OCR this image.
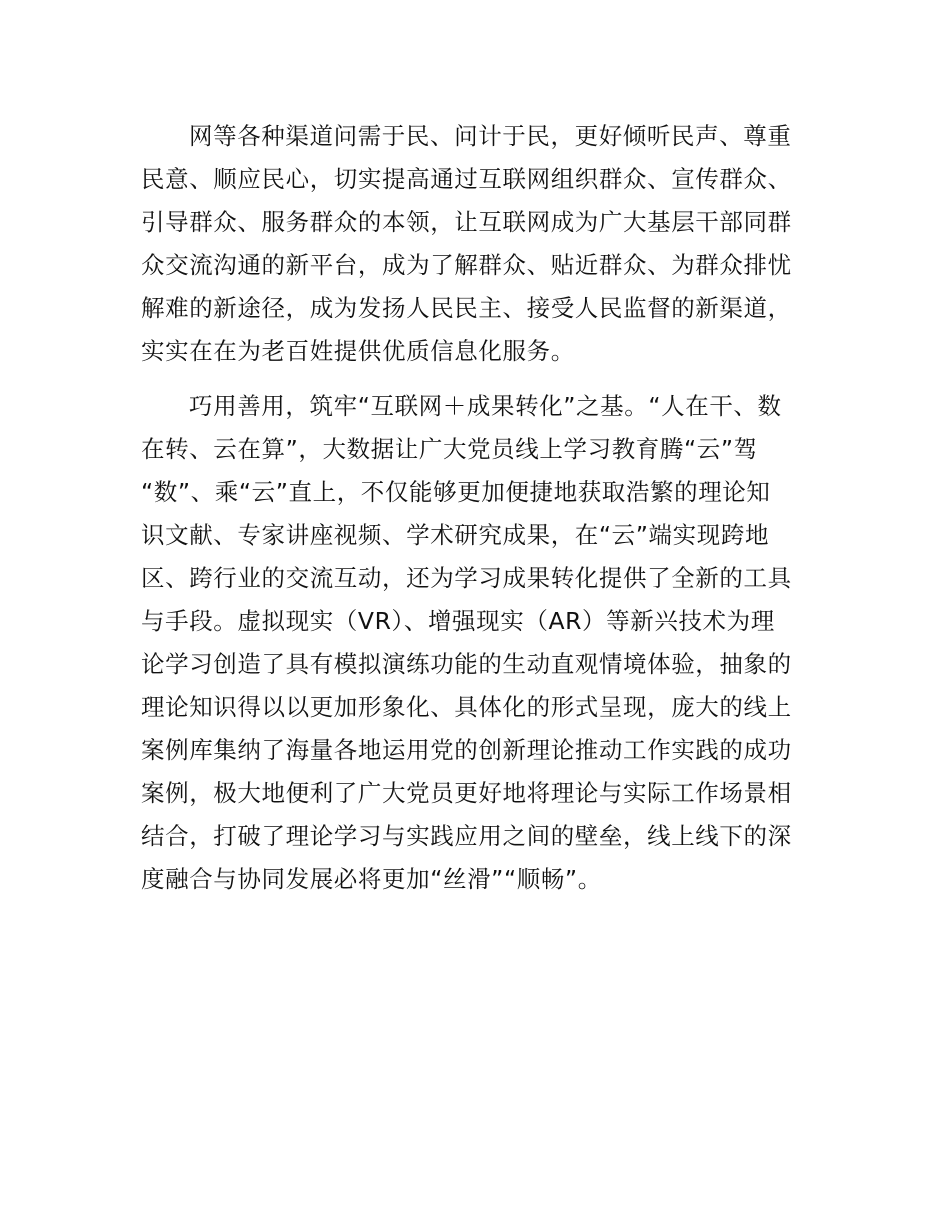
网等各种渠道问需于民、问计于民，更好倾听民声、尊重
民意、顺应民心，切实提高通过互联网组织群众、宣传群众、
引导群众、服务群众的本领，让互联网成为广大基层干部同群
众交流沟通的新平台，成为了解群众、贴近群众、为群众排忧
解难的新途径，成为发扬人民民主、接受人民监督的新渠道，
实实在在为老百姓提供优质信息化服务。
巧用善用，筑牢“互联网＋成果转化”之基。“人在干、数
在转、云在算”，大数据让广大党员线上学习教育腾“云”驾
“数”、乘“云”直上，不仅能够更加便捷地获取浩繁的理论知
识文献、专家讲座视频、学术研究成果，在“云”端实现跨地
区、跨行业的交流互动，还为学习成果转化提供了全新的工具
与手段。虚拟现实（VR）、增强现实（AR）等新兴技术为理
论学习创造了具有模拟演练功能的生动直观情境体验，抽象的
理论知识得以以更加形象化、具体化的形式呈现，庞大的线上
案例库集纳了海量各地运用党的创新理论推动工作实践的成功
案例，极大地便利了广大党员更好地将理论与实际工作场景相
结合，打破了理论学习与实践应用之间的壁垒，线上线下的深
度融合与协同发展必将更加“丝滑”“顺畅”。
